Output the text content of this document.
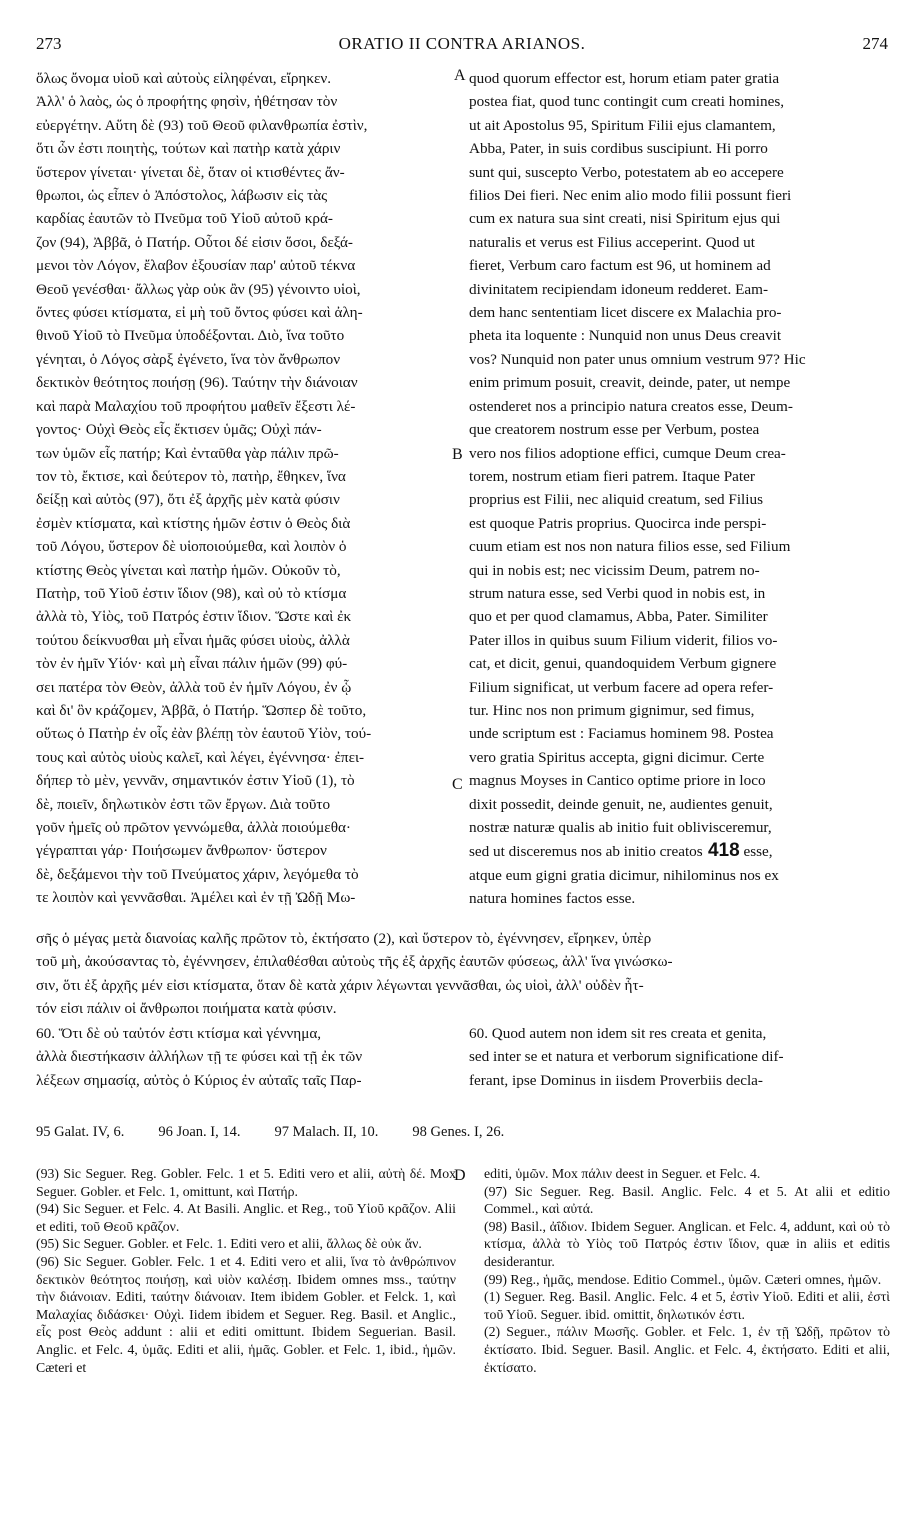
273	ORATIO II CONTRA ARIANOS.	274
A
B
C
D
ὅλως ὄνομα υἱοῦ καὶ αὐτοὺς εἰληφέναι, εἴρηκεν.
Ἀλλ' ὁ λαὸς, ὡς ὁ προφήτης φησὶν, ἠθέτησαν τὸν
εὐεργέτην. Αὕτη δὲ (93) τοῦ Θεοῦ φιλανθρωπία ἐστὶν,
ὅτι ὧν ἐστι ποιητὴς, τούτων καὶ πατὴρ κατὰ χάριν
ὕστερον γίνεται· γίνεται δὲ, ὅταν οἱ κτισθέντες ἄν-
θρωποι, ὡς εἶπεν ὁ Ἀπόστολος, λάβωσιν εἰς τὰς
καρδίας ἑαυτῶν τὸ Πνεῦμα τοῦ Υἱοῦ αὐτοῦ κρά-
ζον (94), Ἀββᾶ, ὁ Πατήρ. Οὗτοι δέ εἰσιν ὅσοι, δεξά-
μενοι τὸν Λόγον, ἔλαβον ἐξουσίαν παρ' αὐτοῦ τέκνα
Θεοῦ γενέσθαι· ἄλλως γὰρ οὐκ ἂν (95) γένοιντο υἱοὶ,
ὄντες φύσει κτίσματα, εἰ μὴ τοῦ ὄντος φύσει καὶ ἀλη-
θινοῦ Υἱοῦ τὸ Πνεῦμα ὑποδέξονται. Διὸ, ἵνα τοῦτο
γένηται, ὁ Λόγος σὰρξ ἐγένετο, ἵνα τὸν ἄνθρωπον
δεκτικὸν θεότητος ποιήσῃ (96). Ταύτην τὴν διάνοιαν
καὶ παρὰ Μαλαχίου τοῦ προφήτου μαθεῖν ἔξεστι λέ-
γοντος· Οὐχὶ Θεὸς εἷς ἔκτισεν ὑμᾶς; Οὐχὶ πάν-
των ὑμῶν εἷς πατήρ; Καὶ ἐνταῦθα γὰρ πάλιν πρῶ-
τον τὸ, ἔκτισε, καὶ δεύτερον τὸ, πατὴρ, ἔθηκεν, ἵνα
δείξῃ καὶ αὐτὸς (97), ὅτι ἐξ ἀρχῆς μὲν κατὰ φύσιν
ἐσμὲν κτίσματα, καὶ κτίστης ἡμῶν ἐστιν ὁ Θεὸς διὰ
τοῦ Λόγου, ὕστερον δὲ υἱοποιούμεθα, καὶ λοιπὸν ὁ
κτίστης Θεὸς γίνεται καὶ πατὴρ ἡμῶν. Οὐκοῦν τὸ,
Πατὴρ, τοῦ Υἱοῦ ἐστιν ἴδιον (98), καὶ οὐ τὸ κτίσμα
ἀλλὰ τὸ, Υἱὸς, τοῦ Πατρός ἐστιν ἴδιον. Ὥστε καὶ ἐκ
τούτου δείκνυσθαι μὴ εἶναι ἡμᾶς φύσει υἱοὺς, ἀλλὰ
τὸν ἐν ἡμῖν Υἱόν· καὶ μὴ εἶναι πάλιν ἡμῶν (99) φύ-
σει πατέρα τὸν Θεὸν, ἀλλὰ τοῦ ἐν ἡμῖν Λόγου, ἐν ᾧ
καὶ δι' ὃν κράζομεν, Ἀββᾶ, ὁ Πατήρ. Ὥσπερ δὲ τοῦτο,
οὕτως ὁ Πατὴρ ἐν οἷς ἐὰν βλέπῃ τὸν ἑαυτοῦ Υἱὸν, τού-
τους καὶ αὐτὸς υἱοὺς καλεῖ, καὶ λέγει, ἐγέννησα· ἐπει-
δήπερ τὸ μὲν, γεννᾶν, σημαντικόν ἐστιν Υἱοῦ (1), τὸ
δὲ, ποιεῖν, δηλωτικὸν ἐστι τῶν ἔργων. Διὰ τοῦτο
γοῦν ἡμεῖς οὐ πρῶτον γεννώμεθα, ἀλλὰ ποιούμεθα·
γέγραπται γάρ· Ποιήσωμεν ἄνθρωπον· ὕστερον
δὲ, δεξάμενοι τὴν τοῦ Πνεύματος χάριν, λεγόμεθα τὸ
τε λοιπὸν καὶ γεννᾶσθαι. Ἀμέλει καὶ ἐν τῇ Ὠδῇ Μω-
quod quorum effector est, horum etiam pater gratia
postea fiat, quod tunc contingit cum creati homines,
ut ait Apostolus 95, Spiritum Filii ejus clamantem,
Abba, Pater, in suis cordibus suscipiunt. Hi porro
sunt qui, suscepto Verbo, potestatem ab eo accepere
filios Dei fieri. Nec enim alio modo filii possunt fieri
cum ex natura sua sint creati, nisi Spiritum ejus qui
naturalis et verus est Filius acceperint. Quod ut
fieret, Verbum caro factum est 96, ut hominem ad
divinitatem recipiendam idoneum redderet. Eam-
dem hanc sententiam licet discere ex Malachia pro-
pheta ita loquente : Nunquid non unus Deus creavit
vos? Nunquid non pater unus omnium vestrum 97? Hic
enim primum posuit, creavit, deinde, pater, ut nempe
ostenderet nos a principio natura creatos esse, Deum-
que creatorem nostrum esse per Verbum, postea
vero nos filios adoptione effici, cumque Deum crea-
torem, nostrum etiam fieri patrem. Itaque Pater
proprius est Filii, nec aliquid creatum, sed Filius
est quoque Patris proprius. Quocirca inde perspi-
cuum etiam est nos non natura filios esse, sed Filium
qui in nobis est; nec vicissim Deum, patrem no-
strum natura esse, sed Verbi quod in nobis est, in
quo et per quod clamamus, Abba, Pater. Similiter
Pater illos in quibus suum Filium viderit, filios vo-
cat, et dicit, genui, quandoquidem Verbum gignere
Filium significat, ut verbum facere ad opera refer-
tur. Hinc nos non primum gignimur, sed fimus,
unde scriptum est : Faciamus hominem 98. Postea
vero gratia Spiritus accepta, gigni dicimur. Certe
magnus Moyses in Cantico optime priore in loco
dixit possedit, deinde genuit, ne, audientes genuit,
nostræ naturæ qualis ab initio fuit oblivisceremur,
sed ut disceremus nos ab initio creatos 418 esse,
atque eum gigni gratia dicimur, nihilominus nos ex
natura homines factos esse.
σῆς ὁ μέγας μετὰ διανοίας καλῆς πρῶτον τὸ, ἐκτήσατο (2), καὶ ὕστερον τὸ, ἐγέννησεν, εἴρηκεν, ὑπὲρ
τοῦ μὴ, ἀκούσαντας τὸ, ἐγέννησεν, ἐπιλαθέσθαι αὐτοὺς τῆς ἐξ ἀρχῆς ἑαυτῶν φύσεως, ἀλλ' ἵνα γινώσκω-
σιν, ὅτι ἐξ ἀρχῆς μέν εἰσι κτίσματα, ὅταν δὲ κατὰ χάριν λέγωνται γεννᾶσθαι, ὡς υἱοὶ, ἀλλ' οὐδὲν ἧτ-
τόν εἰσι πάλιν οἱ ἄνθρωποι ποιήματα κατὰ φύσιν.
60. Ὅτι δὲ οὐ ταὐτόν ἐστι κτίσμα καὶ γέννημα,
ἀλλὰ διεστήκασιν ἀλλήλων τῇ τε φύσει καὶ τῇ ἐκ τῶν
λέξεων σημασίᾳ, αὐτὸς ὁ Κύριος ἐν αὐταῖς ταῖς Παρ-
60. Quod autem non idem sit res creata et genita,
sed inter se et natura et verborum significatione dif-
ferant, ipse Dominus in iisdem Proverbiis decla-
95 Galat. IV, 6. 96 Joan. I, 14. 97 Malach. II, 10. 98 Genes. I, 26.

(93) Sic Seguer. Reg. Gobler. Felc. 1 et 5. Editi vero et alii, αὐτὴ δέ. Mox Seguer. Gobler. et Felc. 1, omittunt, καὶ Πατήρ.

(94) Sic Seguer. et Felc. 4. At Basili. Anglic. et Reg., τοῦ Υἱοῦ κρᾶζον. Alii et editi, τοῦ Θεοῦ κρᾶζον.

(95) Sic Seguer. Gobler. et Felc. 1. Editi vero et alii, ἄλλως δὲ οὐκ ἄν.

(96) Sic Seguer. Gobler. Felc. 1 et 4. Editi vero et alii, ἵνα τὸ ἀνθρώπινον δεκτικὸν θεότητος ποιήσῃ, καὶ υἱὸν καλέσῃ. Ibidem omnes mss., ταύτην τὴν διάνοιαν. Editi, ταύτην διάνοιαν. Item ibidem Gobler. et Felck. 1, καὶ Μαλαχίας διδάσκει· Οὐχὶ. Iidem ibidem et Seguer. Reg. Basil. et Anglic., εἷς post Θεὸς addunt : alii et editi omittunt. Ibidem Seguerian. Basil. Anglic. et Felc. 4, ὑμᾶς. Editi et alii, ἡμᾶς. Gobler. et Felc. 1, ibid., ἡμῶν. Cæteri et

editi, ὑμῶν. Mox πάλιν deest in Seguer. et Felc. 4.

(97) Sic Seguer. Reg. Basil. Anglic. Felc. 4 et 5. At alii et editio Commel., καὶ αὐτά.

(98) Basil., ἀΐδιον. Ibidem Seguer. Anglican. et Felc. 4, addunt, καὶ οὐ τὸ κτίσμα, ἀλλὰ τὸ Υἱὸς τοῦ Πατρός ἐστιν ἴδιον, quæ in aliis et editis desiderantur.

(99) Reg., ἡμᾶς, mendose. Editio Commel., ὑμῶν. Cæteri omnes, ἡμῶν.

(1) Seguer. Reg. Basil. Anglic. Felc. 4 et 5, ἐστὶν Υἱοῦ. Editi et alii, ἐστὶ τοῦ Υἱοῦ. Seguer. ibid. omittit, δηλωτικόν ἐστι.

(2) Seguer., πάλιν Μωσῆς. Gobler. et Felc. 1, ἐν τῇ Ὠδῇ, πρῶτον τὸ ἐκτίσατο. Ibid. Seguer. Basil. Anglic. et Felc. 4, ἐκτήσατο. Editi et alii, ἐκτίσατο.
